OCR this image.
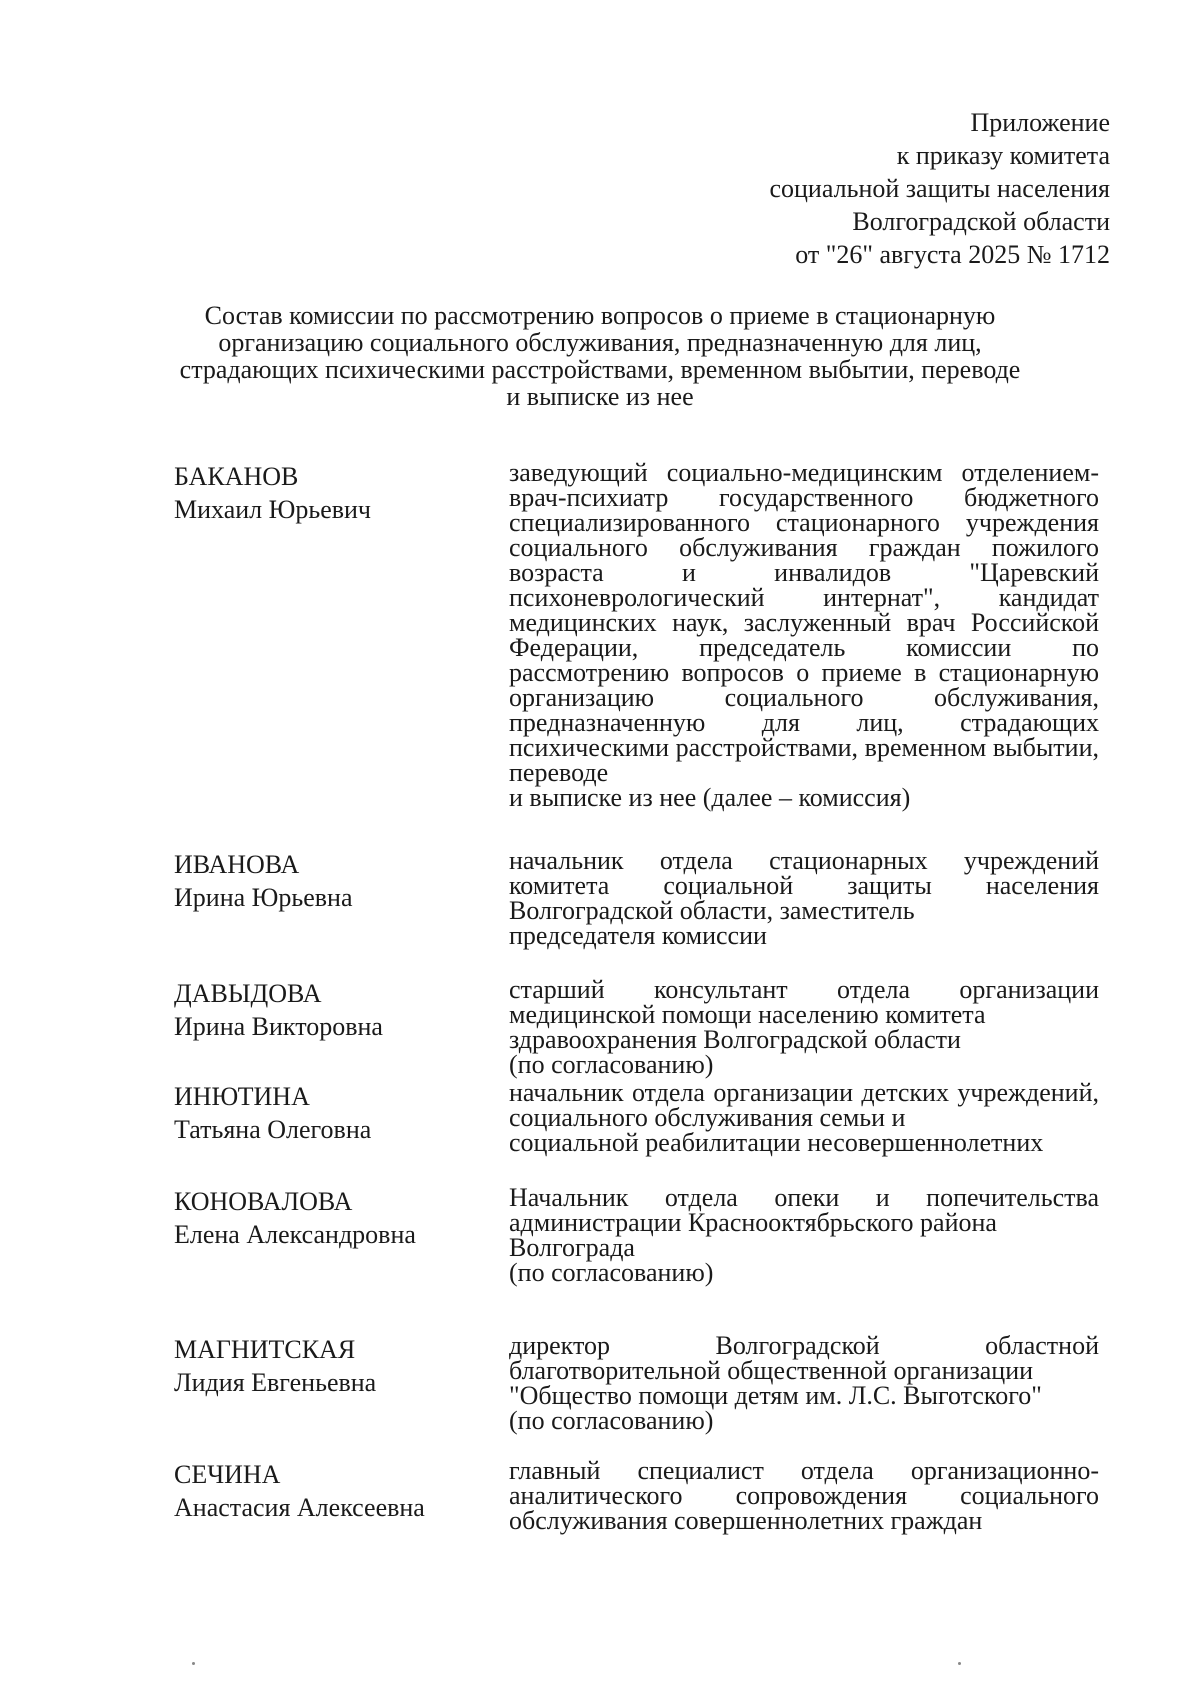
Приложение
к приказу комитета
социальной защиты населения
Волгоградской области
от "26" августа 2025 № 1712
Состав комиссии по рассмотрению вопросов о приеме в стационарную
организацию социального обслуживания, предназначенную для лиц,
страдающих психическими расстройствами, временном выбытии, переводе
и выписке из нее
БАКАНОВ
Михаил Юрьевич
заведующий социально-медицинским отделением-врач-психиатр государственного бюджетного специализированного стационарного учреждения социального обслуживания граждан пожилого возраста и инвалидов "Царевский психоневрологический интернат", кандидат медицинских наук, заслуженный врач Российской Федерации, председатель комиссии по рассмотрению вопросов о приеме в стационарную организацию социального обслуживания, предназначенную для лиц, страдающих психическими расстройствами, временном выбытии, переводе
и выписке из нее (далее – комиссия)
ИВАНОВА
Ирина Юрьевна
начальник отдела стационарных учреждений комитета социальной защиты населения Волгоградской области, заместитель
председателя комиссии
ДАВЫДОВА
Ирина Викторовна
старший консультант отдела организации медицинской помощи населению комитета
здравоохранения Волгоградской области
(по согласованию)
ИНЮТИНА
Татьяна Олеговна
начальник отдела организации детских учреждений, социального обслуживания семьи и
социальной реабилитации несовершеннолетних
КОНОВАЛОВА
Елена Александровна
Начальник отдела опеки и попечительства администрации Краснооктябрьского района
Волгограда
(по согласованию)
МАГНИТСКАЯ
Лидия Евгеньевна
директор Волгоградской областной благотворительной общественной организации
"Общество помощи детям им. Л.С. Выготского"
(по согласованию)
СЕЧИНА
Анастасия Алексеевна
главный специалист отдела организационно-аналитического сопровождения социального обслуживания совершеннолетних граждан
